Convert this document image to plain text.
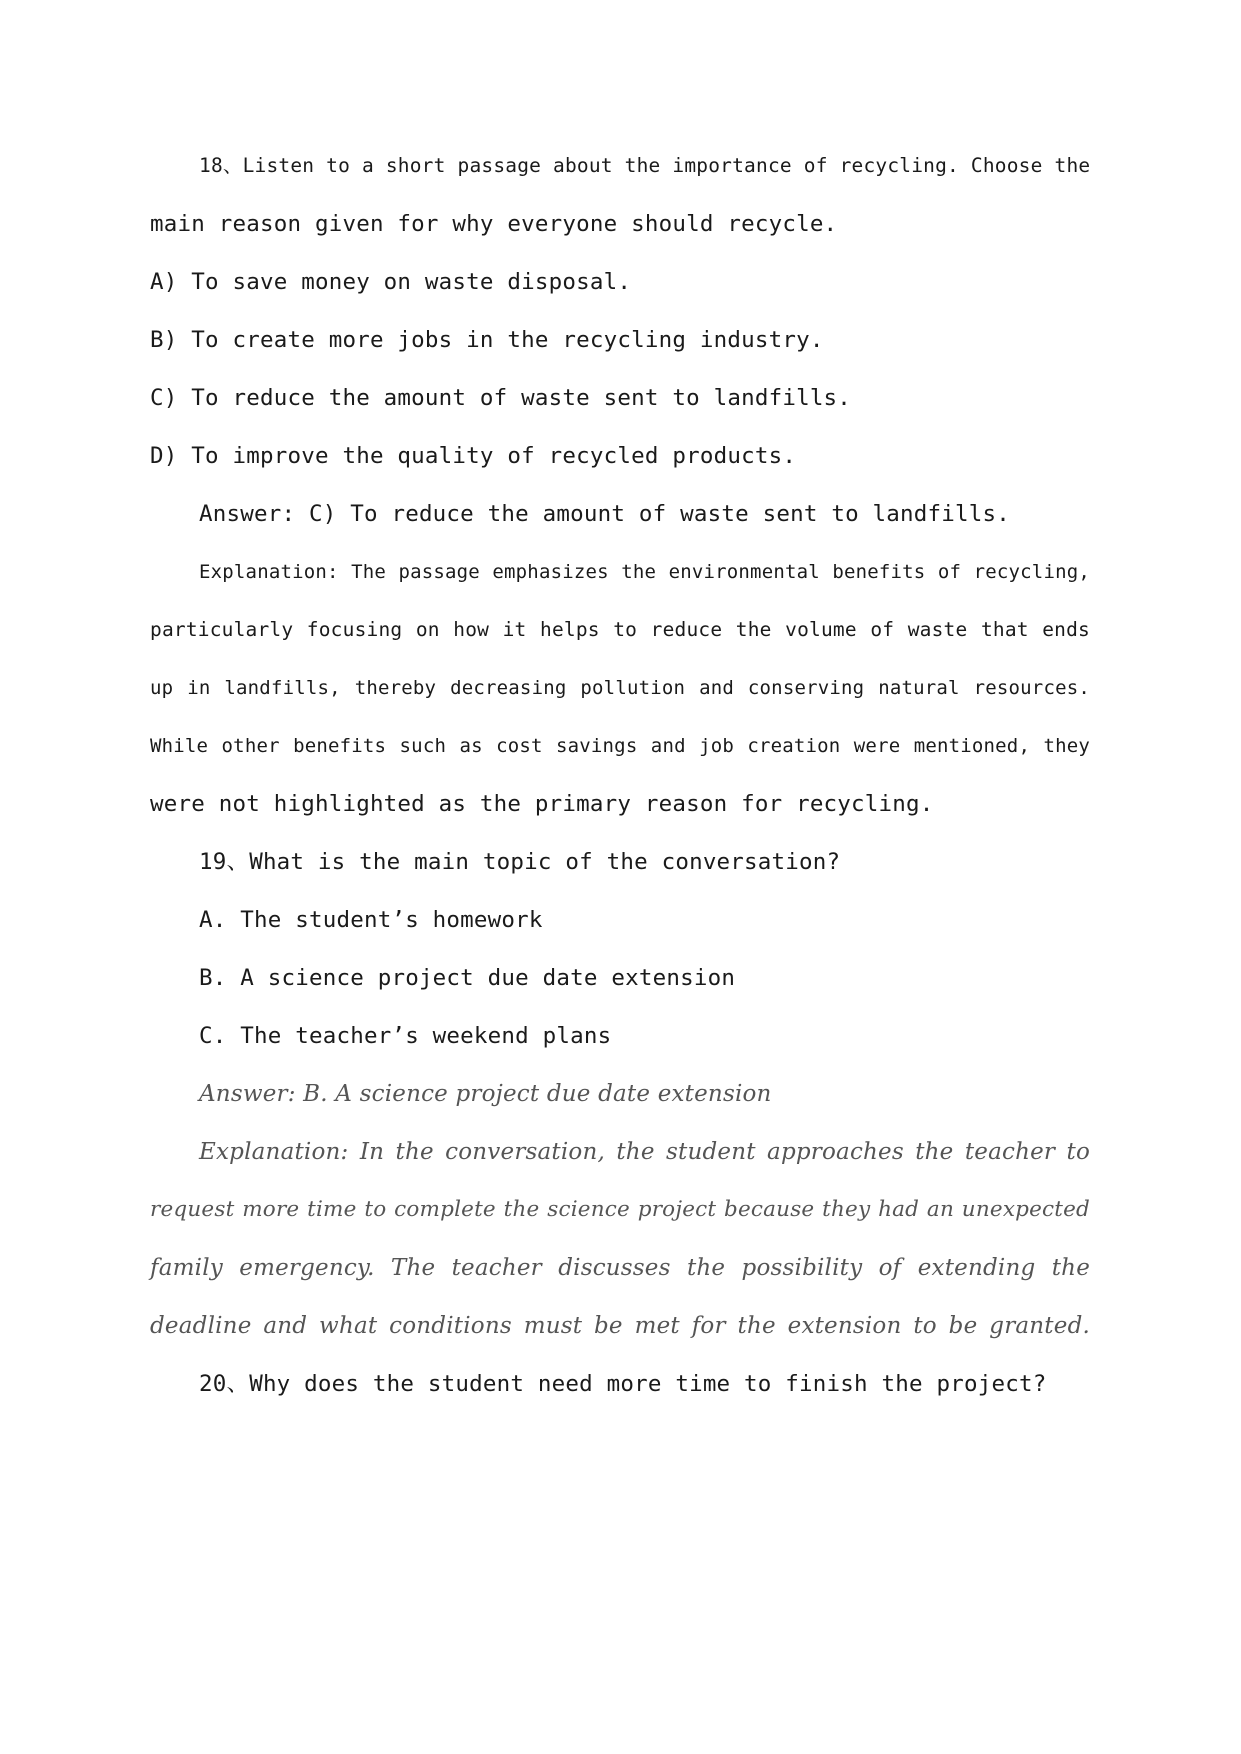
18、Listen to a short passage about the importance of recycling. Choose the
main reason given for why everyone should recycle.
A) To save money on waste disposal.
B) To create more jobs in the recycling industry.
C) To reduce the amount of waste sent to landfills.
D) To improve the quality of recycled products.
Answer: C) To reduce the amount of waste sent to landfills.
Explanation: The passage emphasizes the environmental benefits of recycling,
particularly focusing on how it helps to reduce the volume of waste that ends
up in landfills, thereby decreasing pollution and conserving natural resources.
While other benefits such as cost savings and job creation were mentioned, they
were not highlighted as the primary reason for recycling.
19、What is the main topic of the conversation?
A. The student’s homework
B. A science project due date extension
C. The teacher’s weekend plans
Answer: B. A science project due date extension
Explanation: In the conversation, the student approaches the teacher to
request more time to complete the science project because they had an unexpected
family emergency. The teacher discusses the possibility of extending the
deadline and what conditions must be met for the extension to be granted.
20、Why does the student need more time to finish the project?
